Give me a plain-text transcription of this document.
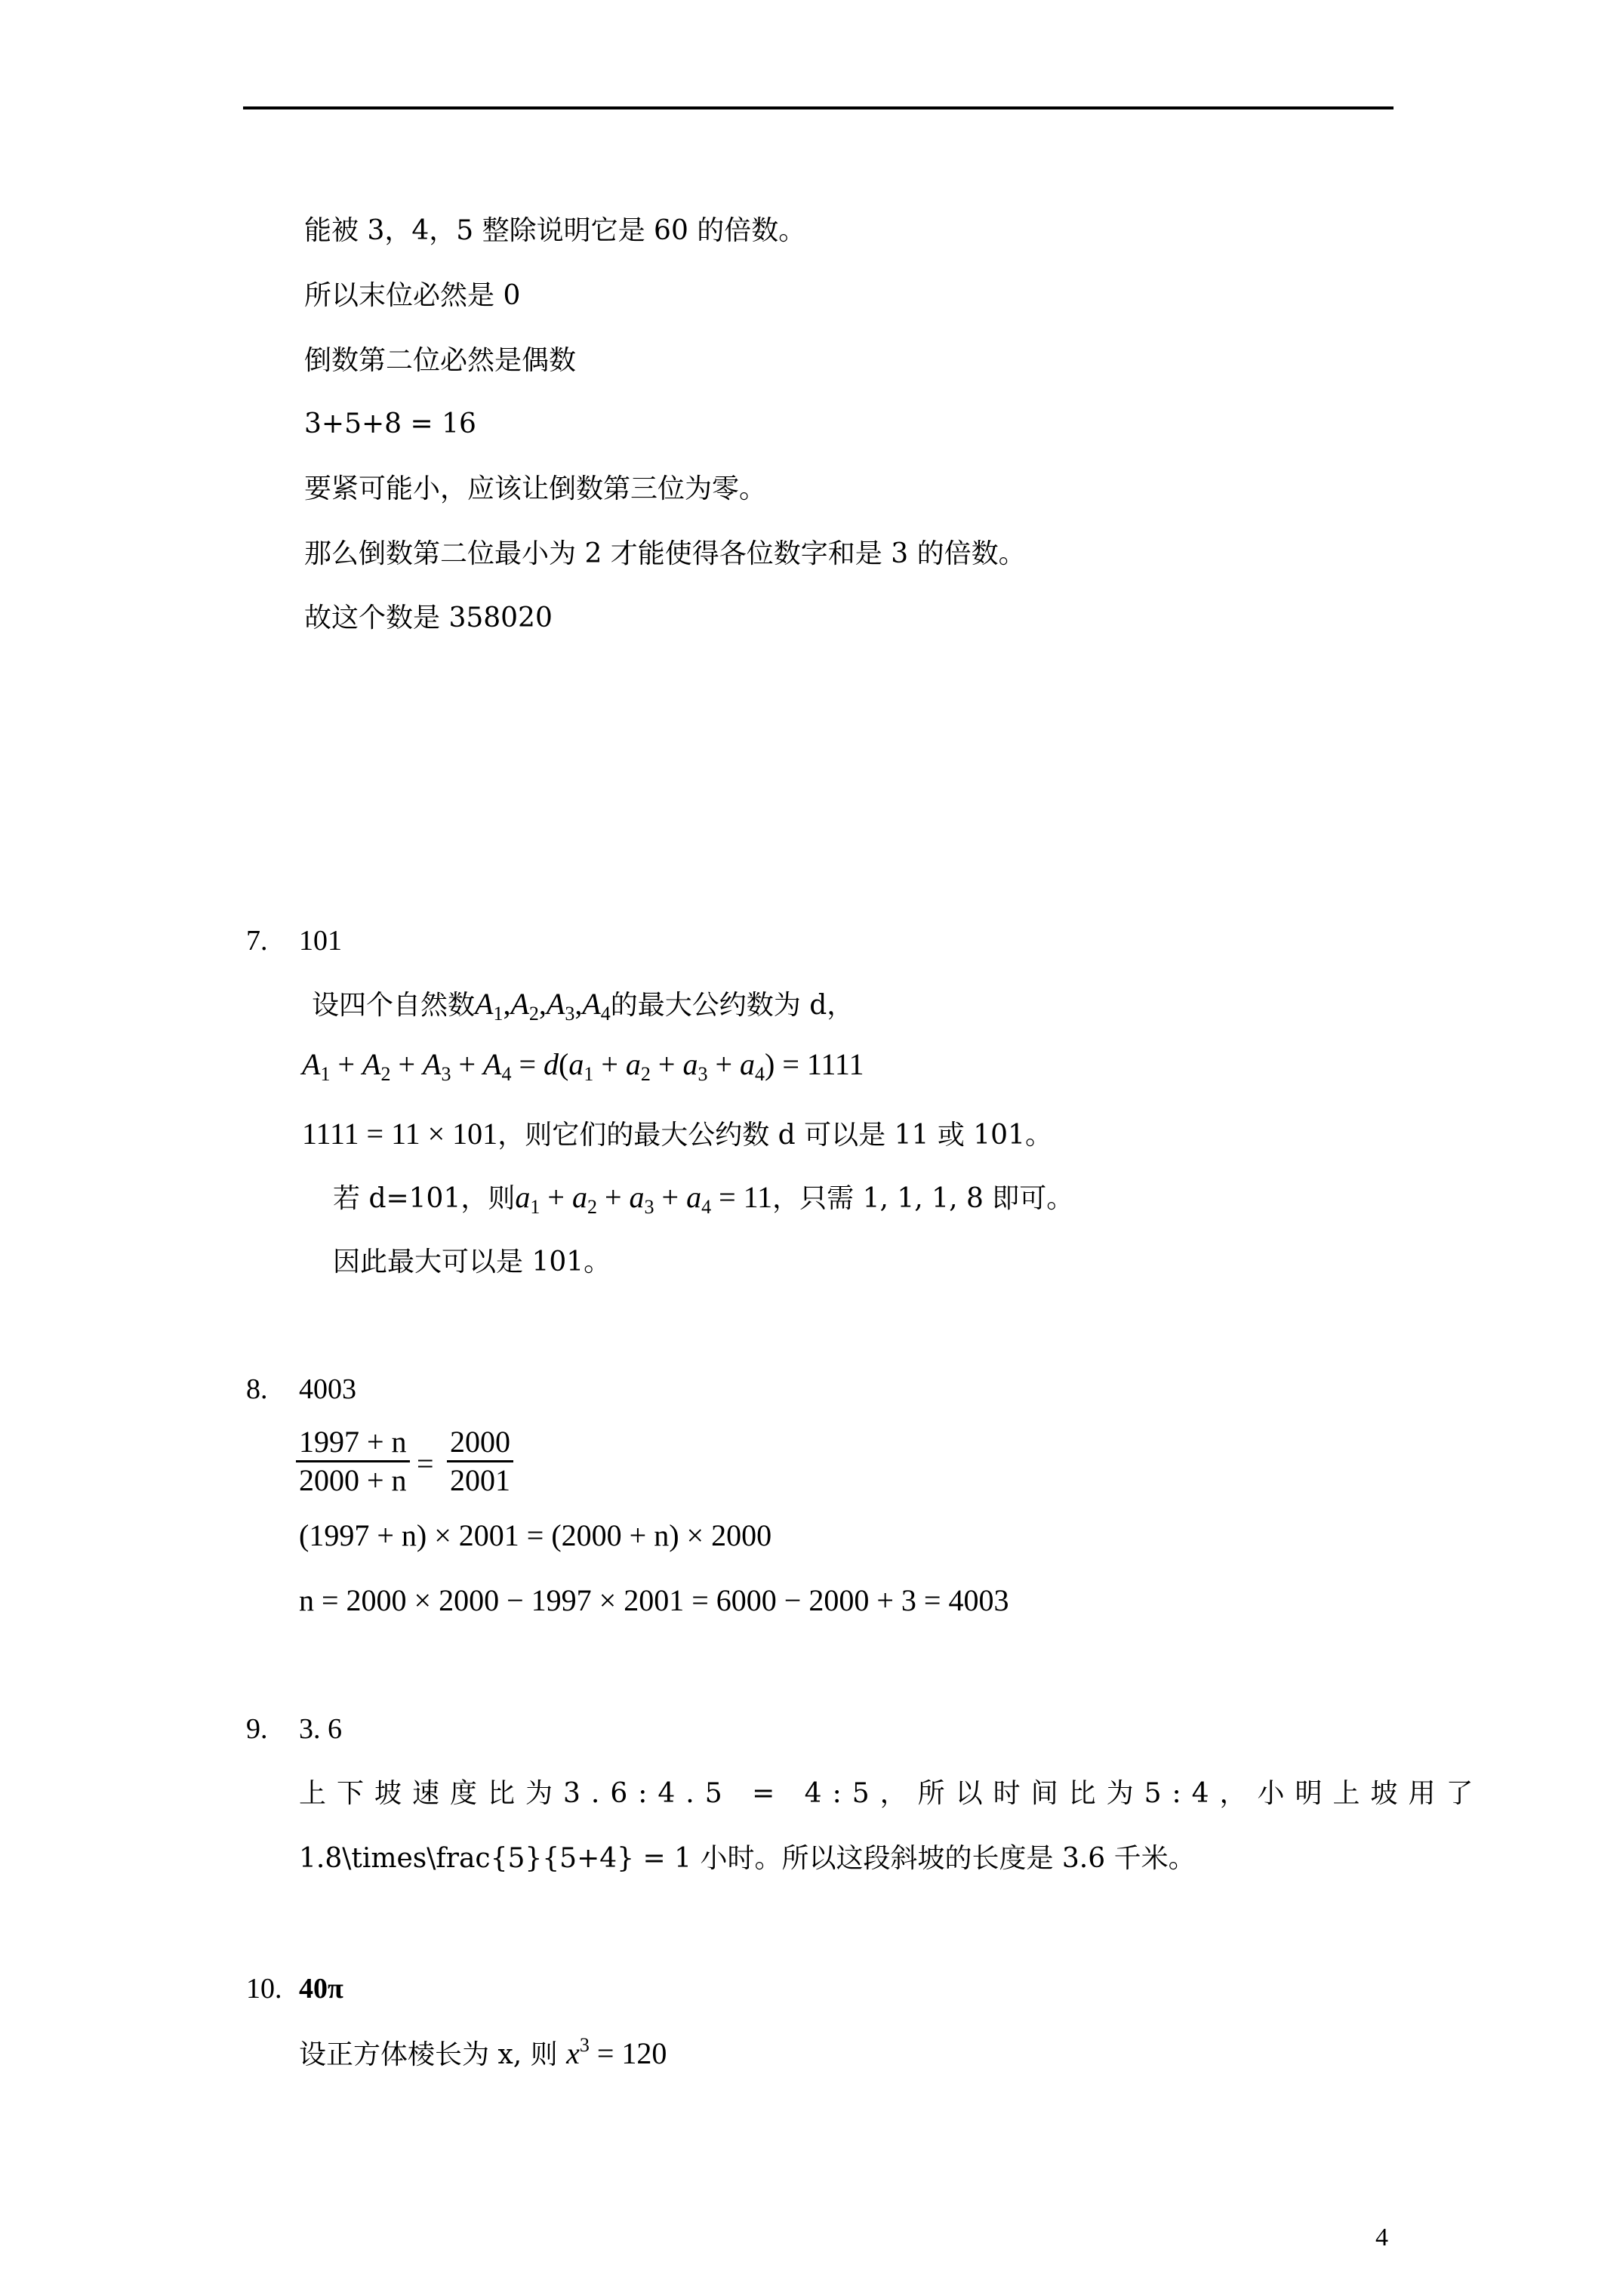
能被 3，4，5 整除说明它是 60 的倍数。
所以末位必然是 0
倒数第二位必然是偶数
3+5+8 = 16
要紧可能小，应该让倒数第三位为零。
那么倒数第二位最小为 2 才能使得各位数字和是 3 的倍数。
故这个数是 358020
7. 101
设四个自然数$A_1,A_2,A_3,A_4$的最大公约数为 d，
$A_1 + A_2 + A_3 + A_4 = d(a_1 + a_2 + a_3 + a_4) = 1111$
1111 = 11 × 101，则它们的最大公约数 d 可以是 11 或 101。
若 d=101，则$a_1 + a_2 + a_3 + a_4 = 11$，只需 1, 1, 1, 8 即可。
因此最大可以是 101。
8. 4003
1997 + n
2000 + n =
2000
2001
(1997 + n) × 2001 = (2000 + n) × 2000
n = 2000 × 2000 − 1997 × 2001 = 6000 − 2000 + 3 = 4003
9. 3. 6
上下坡速度比为3.6:4.5 = 4:5，所以时间比为5:4，小明上坡用了
1.8\times\frac{5}{5+4} = 1 小时。所以这段斜坡的长度是 3.6 千米。
10. 40π
设正方体棱长为 x, 则 $x^3 = 120$
4
